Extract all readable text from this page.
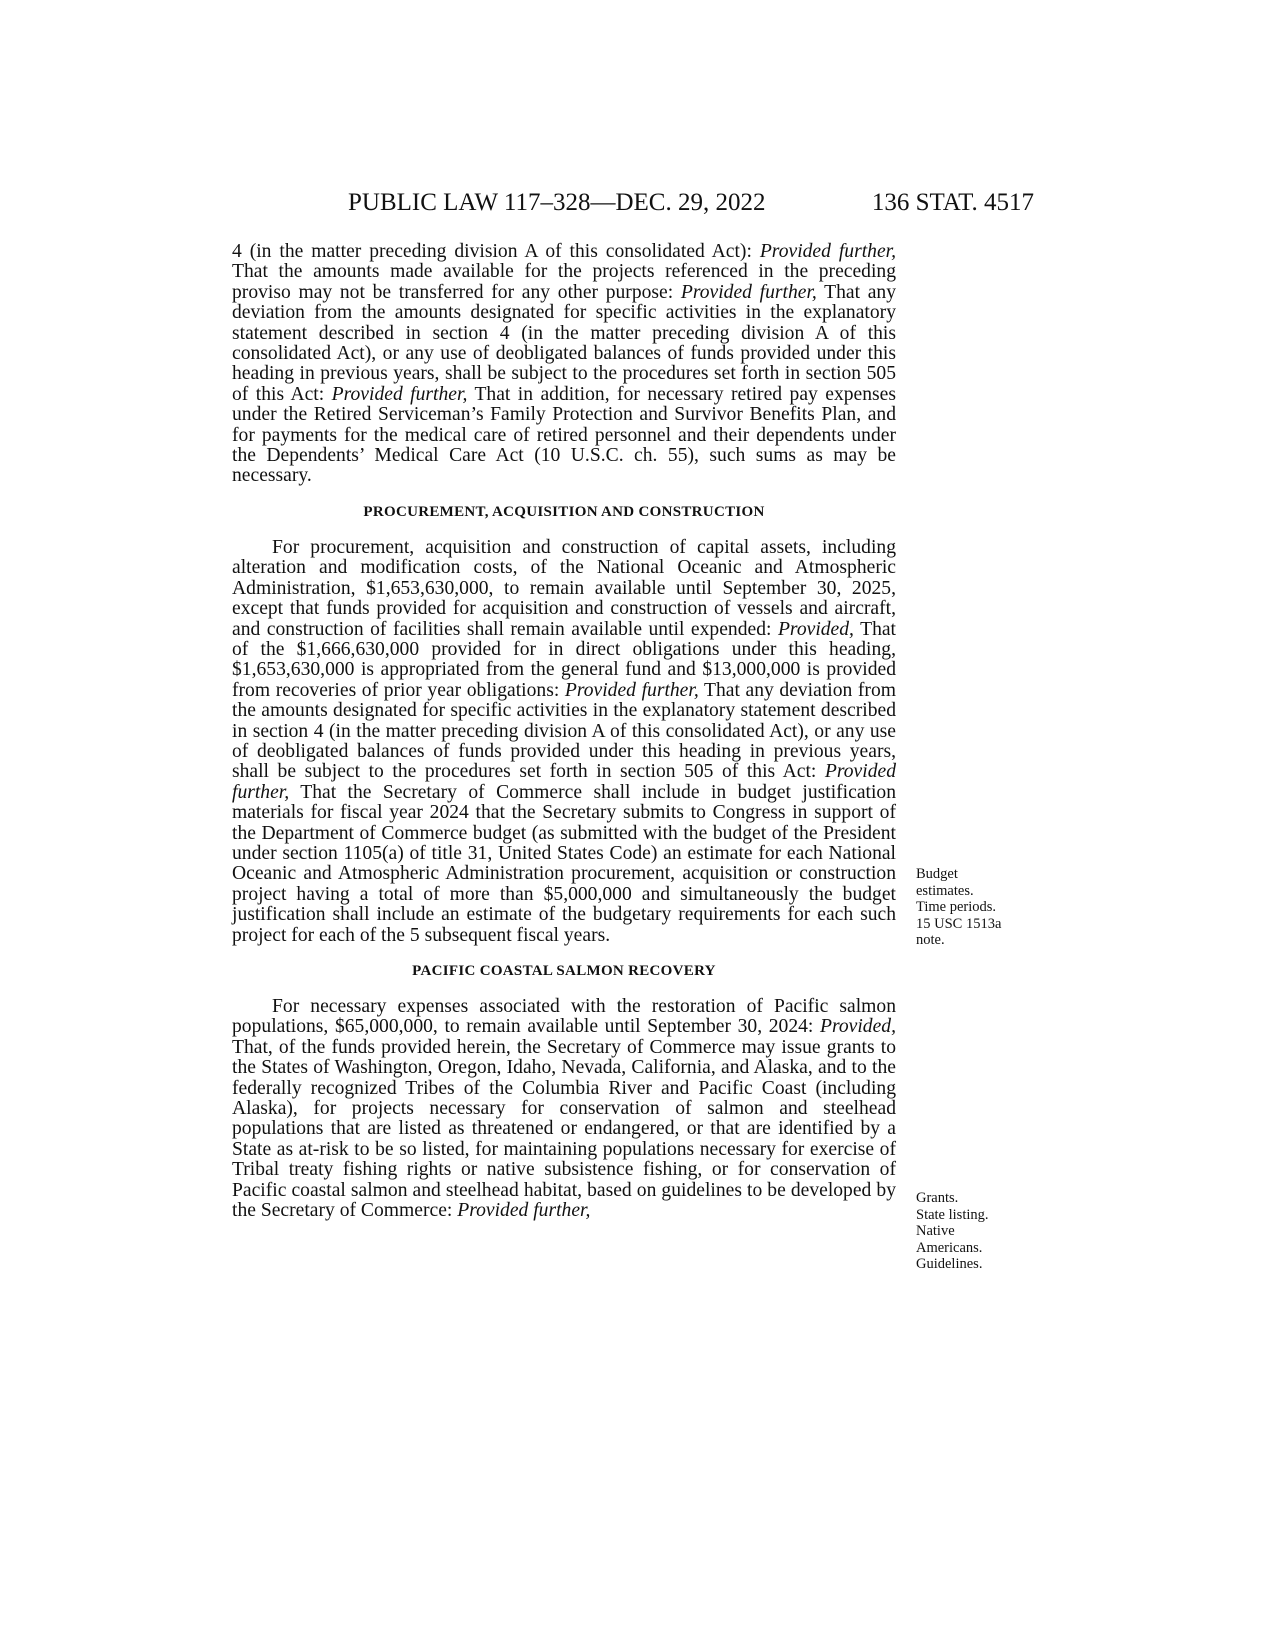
PUBLIC LAW 117–328—DEC. 29, 2022	136 STAT. 4517

4 (in the matter preceding division A of this consolidated Act): Provided further, That the amounts made available for the projects referenced in the preceding proviso may not be transferred for any other purpose: Provided further, That any deviation from the amounts designated for specific activities in the explanatory statement described in section 4 (in the matter preceding division A of this consolidated Act), or any use of deobligated balances of funds provided under this heading in previous years, shall be subject to the procedures set forth in section 505 of this Act: Provided further, That in addition, for necessary retired pay expenses under the Retired Serviceman’s Family Protection and Survivor Benefits Plan, and for payments for the medical care of retired personnel and their dependents under the Dependents’ Medical Care Act (10 U.S.C. ch. 55), such sums as may be necessary.

PROCUREMENT, ACQUISITION AND CONSTRUCTION

For procurement, acquisition and construction of capital assets, including alteration and modification costs, of the National Oceanic and Atmospheric Administration, $1,653,630,000, to remain available until September 30, 2025, except that funds provided for acquisition and construction of vessels and aircraft, and construction of facilities shall remain available until expended: Provided, That of the $1,666,630,000 provided for in direct obligations under this heading, $1,653,630,000 is appropriated from the general fund and $13,000,000 is provided from recoveries of prior year obligations: Provided further, That any deviation from the amounts designated for specific activities in the explanatory statement described in section 4 (in the matter preceding division A of this consolidated Act), or any use of deobligated balances of funds provided under this heading in previous years, shall be subject to the procedures set forth in section 505 of this Act: Provided further, That the Secretary of Commerce shall include in budget justification materials for fiscal year 2024 that the Secretary submits to Congress in support of the Department of Commerce budget (as submitted with the budget of the President under section 1105(a) of title 31, United States Code) an estimate for each National Oceanic and Atmospheric Administration procurement, acquisition or construction project having a total of more than $5,000,000 and simultaneously the budget justification shall include an estimate of the budgetary requirements for each such project for each of the 5 subsequent fiscal years.

PACIFIC COASTAL SALMON RECOVERY

For necessary expenses associated with the restoration of Pacific salmon populations, $65,000,000, to remain available until September 30, 2024: Provided, That, of the funds provided herein, the Secretary of Commerce may issue grants to the States of Washington, Oregon, Idaho, Nevada, California, and Alaska, and to the federally recognized Tribes of the Columbia River and Pacific Coast (including Alaska), for projects necessary for conservation of salmon and steelhead populations that are listed as threatened or endangered, or that are identified by a State as at-risk to be so listed, for maintaining populations necessary for exercise of Tribal treaty fishing rights or native subsistence fishing, or for conservation of Pacific coastal salmon and steelhead habitat, based on guidelines to be developed by the Secretary of Commerce: Provided further,

Budget
estimates.
Time periods.
15 USC 1513a
note.
Grants.
State listing.
Native
Americans.
Guidelines.
